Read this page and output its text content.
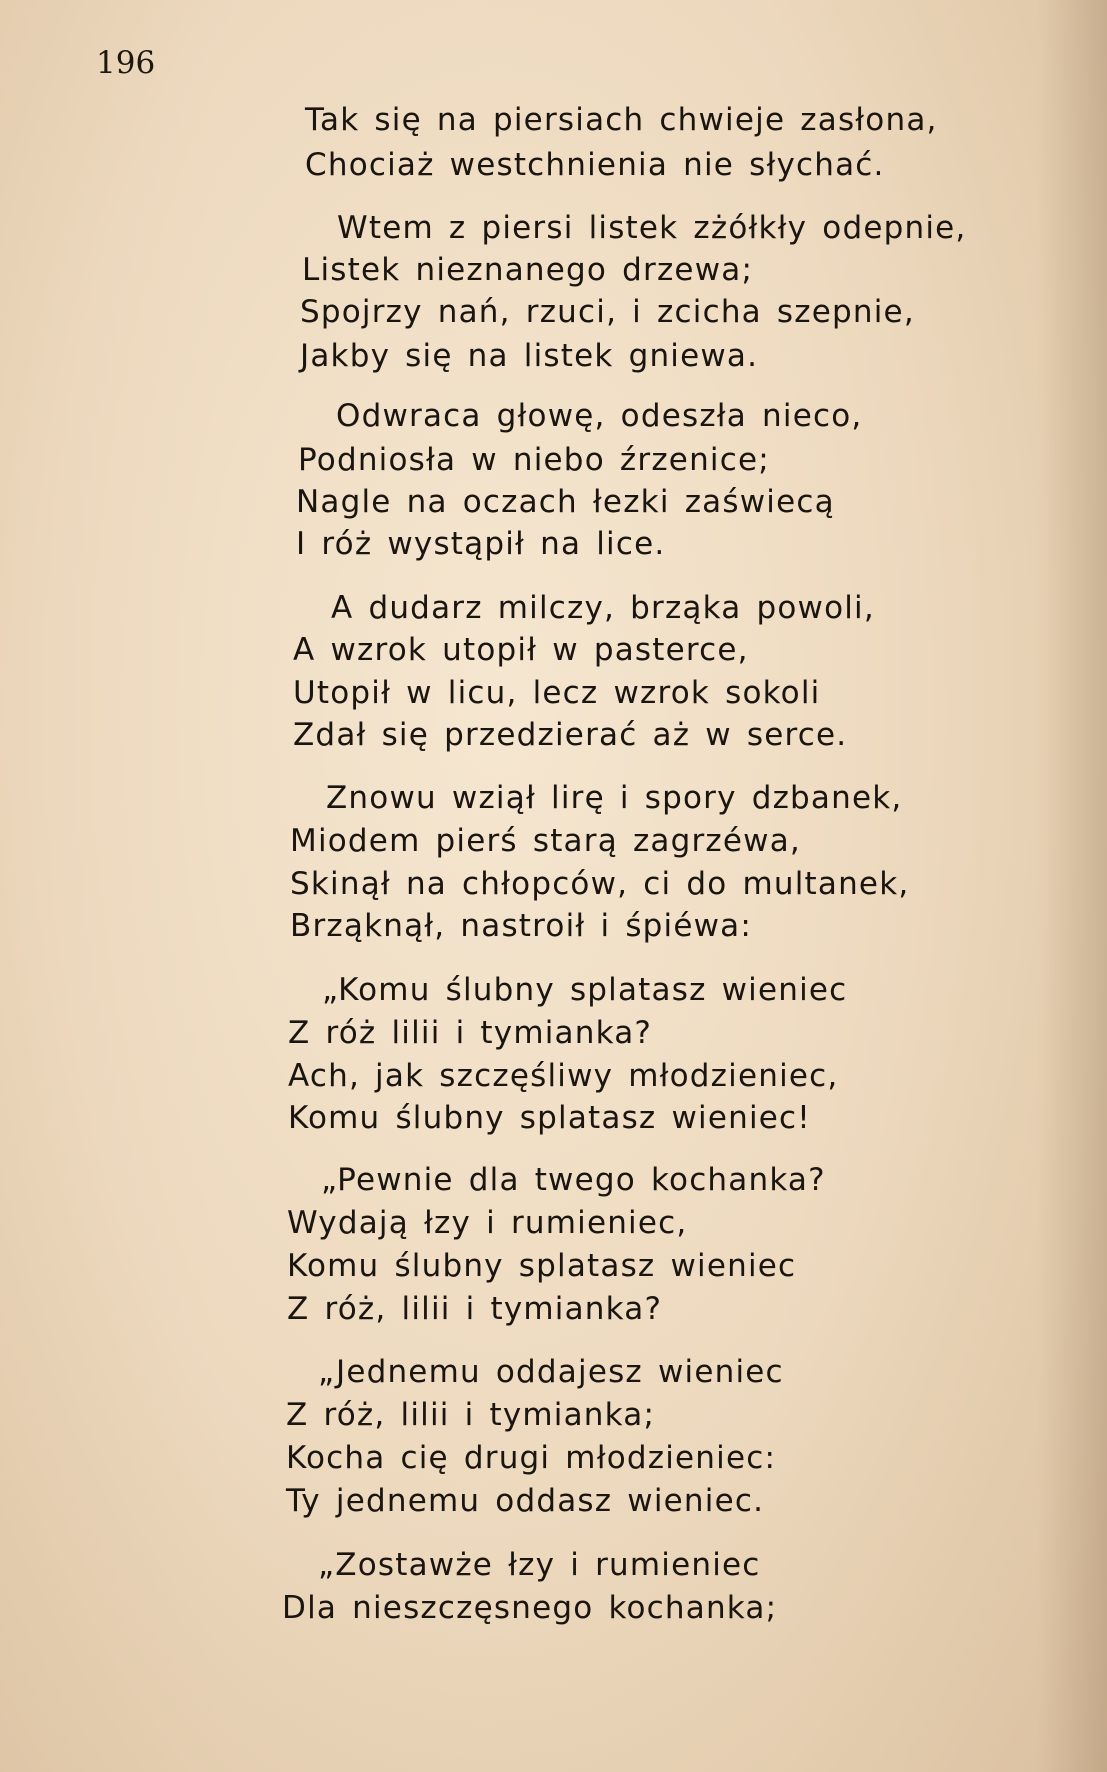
196
Tak się na piersiach chwieje zasłona,
Chociaż westchnienia nie słychać.
Wtem z piersi listek zżółkły odepnie,
Listek nieznanego drzewa;
Spojrzy nań, rzuci, i zcicha szepnie,
Jakby się na listek gniewa.
Odwraca głowę, odeszła nieco,
Podniosła w niebo źrzenice;
Nagle na oczach łezki zaświecą
I róż wystąpił na lice.
A dudarz milczy, brząka powoli,
A wzrok utopił w pasterce,
Utopił w licu, lecz wzrok sokoli
Zdał się przedzierać aż w serce.
Znowu wziął lirę i spory dzbanek,
Miodem pierś starą zagrzéwa,
Skinął na chłopców, ci do multanek,
Brząknął, nastroił i śpiéwa:
„Komu ślubny splatasz wieniec
Z róż lilii i tymianka?
Ach, jak szczęśliwy młodzieniec,
Komu ślubny splatasz wieniec!
„Pewnie dla twego kochanka?
Wydają łzy i rumieniec,
Komu ślubny splatasz wieniec
Z róż, lilii i tymianka?
„Jednemu oddajesz wieniec
Z róż, lilii i tymianka;
Kocha cię drugi młodzieniec:
Ty jednemu oddasz wieniec.
„Zostawże łzy i rumieniec
Dla nieszczęsnego kochanka;
